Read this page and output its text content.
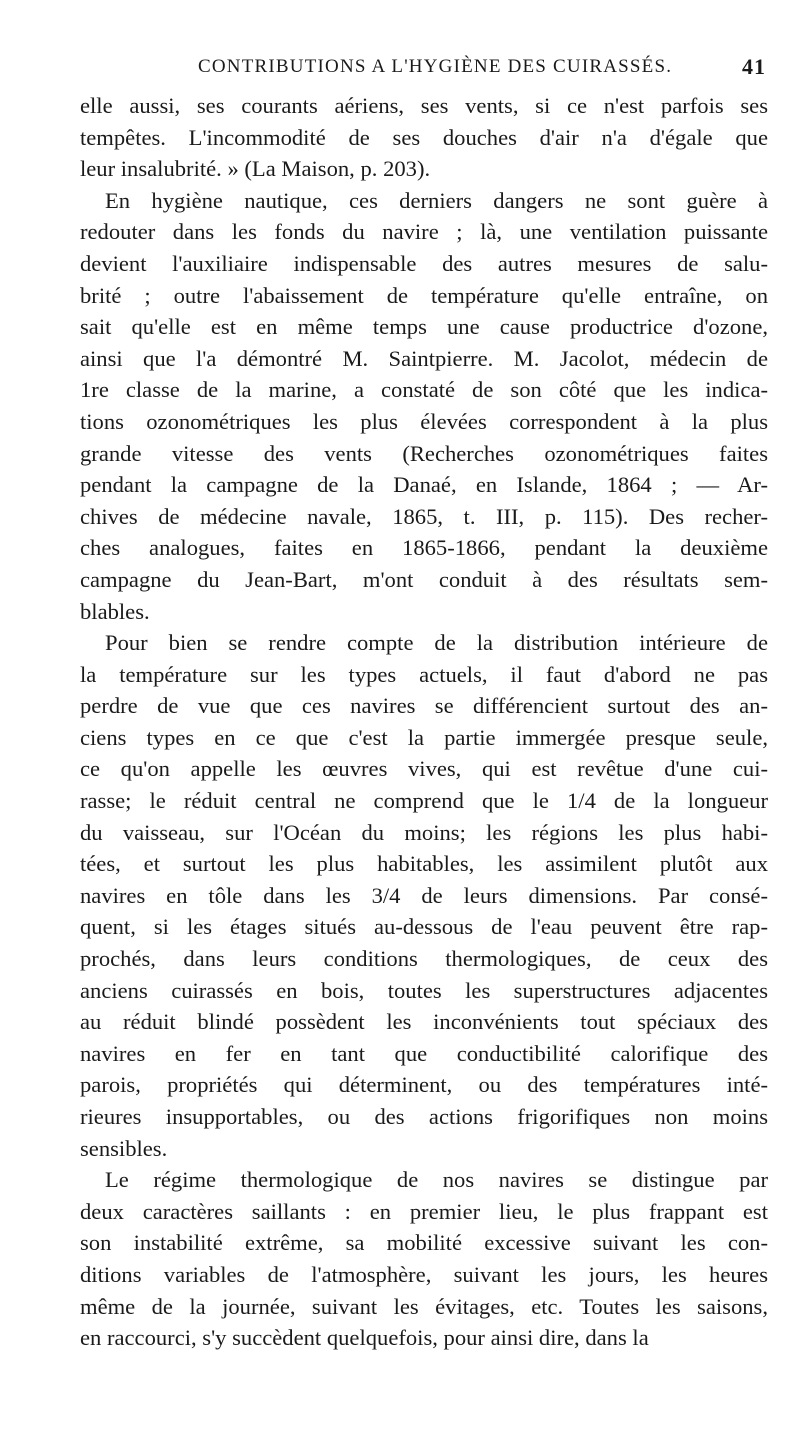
CONTRIBUTIONS A L'HYGIÈNE DES CUIRASSÉS.	41
elle aussi, ses courants aériens, ses vents, si ce n'est parfois ses
tempêtes. L'incommodité de ses douches d'air n'a d'égale que
leur insalubrité. » (La Maison, p. 203).
En hygiène nautique, ces derniers dangers ne sont guère à
redouter dans les fonds du navire ; là, une ventilation puissante
devient l'auxiliaire indispensable des autres mesures de salu-
brité ; outre l'abaissement de température qu'elle entraîne, on
sait qu'elle est en même temps une cause productrice d'ozone,
ainsi que l'a démontré M. Saintpierre. M. Jacolot, médecin de
1re classe de la marine, a constaté de son côté que les indica-
tions ozonométriques les plus élevées correspondent à la plus
grande vitesse des vents (Recherches ozonométriques faites
pendant la campagne de la Danaé, en Islande, 1864 ; — Ar-
chives de médecine navale, 1865, t. III, p. 115). Des recher-
ches analogues, faites en 1865-1866, pendant la deuxième
campagne du Jean-Bart, m'ont conduit à des résultats sem-
blables.
Pour bien se rendre compte de la distribution intérieure de
la température sur les types actuels, il faut d'abord ne pas
perdre de vue que ces navires se différencient surtout des an-
ciens types en ce que c'est la partie immergée presque seule,
ce qu'on appelle les œuvres vives, qui est revêtue d'une cui-
rasse; le réduit central ne comprend que le 1/4 de la longueur
du vaisseau, sur l'Océan du moins; les régions les plus habi-
tées, et surtout les plus habitables, les assimilent plutôt aux
navires en tôle dans les 3/4 de leurs dimensions. Par consé-
quent, si les étages situés au-dessous de l'eau peuvent être rap-
prochés, dans leurs conditions thermologiques, de ceux des
anciens cuirassés en bois, toutes les superstructures adjacentes
au réduit blindé possèdent les inconvénients tout spéciaux des
navires en fer en tant que conductibilité calorifique des
parois, propriétés qui déterminent, ou des températures inté-
rieures insupportables, ou des actions frigorifiques non moins
sensibles.
Le régime thermologique de nos navires se distingue par
deux caractères saillants : en premier lieu, le plus frappant est
son instabilité extrême, sa mobilité excessive suivant les con-
ditions variables de l'atmosphère, suivant les jours, les heures
même de la journée, suivant les évitages, etc. Toutes les saisons,
en raccourci, s'y succèdent quelquefois, pour ainsi dire, dans la
